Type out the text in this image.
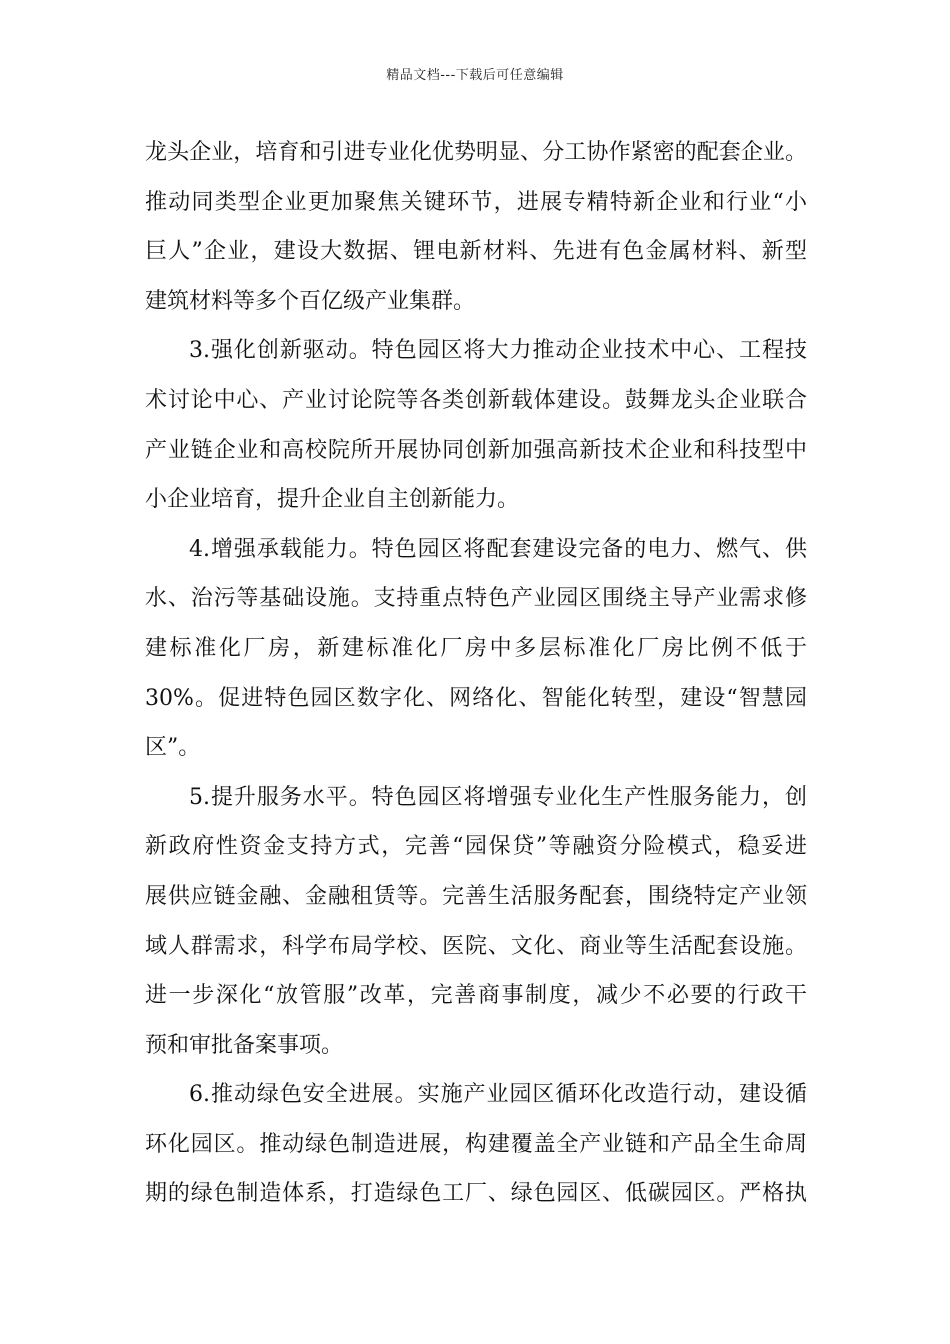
精品文档---下载后可任意编辑
龙头企业，培育和引进专业化优势明显、分工协作紧密的配套企业。
推动同类型企业更加聚焦关键环节，进展专精特新企业和行业“小
巨人”企业，建设大数据、锂电新材料、先进有色金属材料、新型
建筑材料等多个百亿级产业集群。
3.强化创新驱动。特色园区将大力推动企业技术中心、工程技
术讨论中心、产业讨论院等各类创新载体建设。鼓舞龙头企业联合
产业链企业和高校院所开展协同创新加强高新技术企业和科技型中
小企业培育，提升企业自主创新能力。
4.增强承载能力。特色园区将配套建设完备的电力、燃气、供
水、治污等基础设施。支持重点特色产业园区围绕主导产业需求修
建标准化厂房，新建标准化厂房中多层标准化厂房比例不低于
30%。促进特色园区数字化、网络化、智能化转型，建设“智慧园
区”。
5.提升服务水平。特色园区将增强专业化生产性服务能力，创
新政府性资金支持方式，完善“园保贷”等融资分险模式，稳妥进
展供应链金融、金融租赁等。完善生活服务配套，围绕特定产业领
域人群需求，科学布局学校、医院、文化、商业等生活配套设施。
进一步深化“放管服”改革，完善商事制度，减少不必要的行政干
预和审批备案事项。
6.推动绿色安全进展。实施产业园区循环化改造行动，建设循
环化园区。推动绿色制造进展，构建覆盖全产业链和产品全生命周
期的绿色制造体系，打造绿色工厂、绿色园区、低碳园区。严格执
